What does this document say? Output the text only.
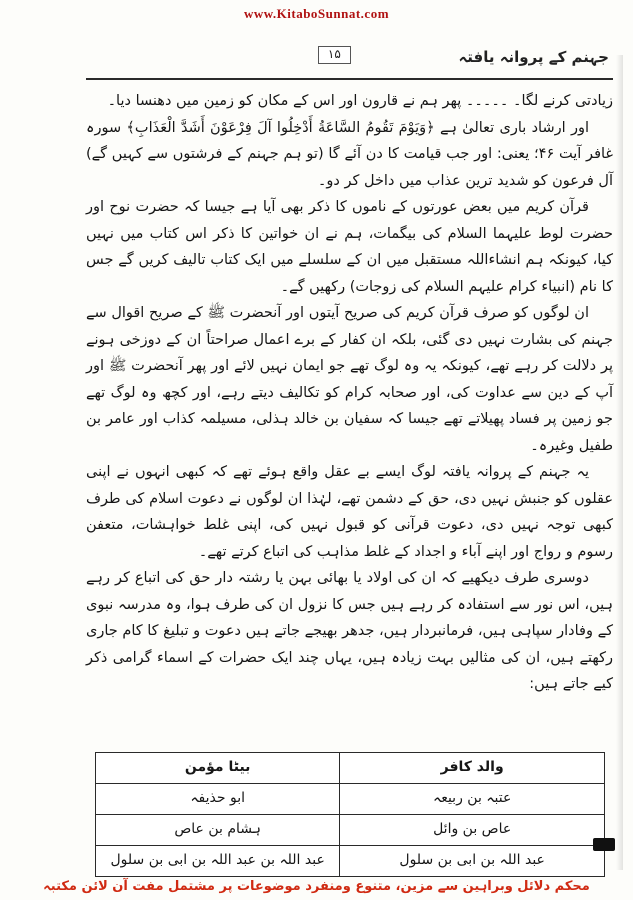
www.KitaboSunnat.com
۱۵	جہنم کے پروانہ یافتہ

زیادتی کرنے لگا۔ ۔۔۔۔۔ پھر ہم نے قارون اور اس کے مکان کو زمین میں دھنسا دیا۔

اور ارشاد باری تعالیٰ ہے ﴿وَيَوْمَ تَقُومُ السَّاعَةُ أَدْخِلُوا آلَ فِرْعَوْنَ أَشَدَّ الْعَذَابِ﴾ سورہ غافر آیت ۴۶؛ یعنی: اور جب قیامت کا دن آئے گا (تو ہم جہنم کے فرشتوں سے کہیں گے) آل فرعون کو شدید ترین عذاب میں داخل کر دو۔

قرآن کریم میں بعض عورتوں کے ناموں کا ذکر بھی آیا ہے جیسا کہ حضرت نوح اور حضرت لوط علیہما السلام کی بیگمات، ہم نے ان خواتین کا ذکر اس کتاب میں نہیں کیا، کیونکہ ہم انشاءاللہ مستقبل میں ان کے سلسلے میں ایک کتاب تالیف کریں گے جس کا نام (انبیاء کرام علیہم السلام کی زوجات) رکھیں گے۔

ان لوگوں کو صرف قرآن کریم کی صریح آیتوں اور آنحضرت ﷺ کے صریح اقوال سے جہنم کی بشارت نہیں دی گئی، بلکہ ان کفار کے برے اعمال صراحتاً ان کے دوزخی ہونے پر دلالت کر رہے تھے، کیونکہ یہ وہ لوگ تھے جو ایمان نہیں لائے اور پھر آنحضرت ﷺ اور آپ کے دین سے عداوت کی، اور صحابہ کرام کو تکالیف دیتے رہے، اور کچھ وہ لوگ تھے جو زمین پر فساد پھیلاتے تھے جیسا کہ سفیان بن خالد ہذلی، مسیلمہ کذاب اور عامر بن طفیل وغیرہ۔

یہ جہنم کے پروانہ یافتہ لوگ ایسے بے عقل واقع ہوئے تھے کہ کبھی انہوں نے اپنی عقلوں کو جنبش نہیں دی، حق کے دشمن تھے، لہٰذا ان لوگوں نے دعوت اسلام کی طرف کبھی توجہ نہیں دی، دعوت قرآنی کو قبول نہیں کی، اپنی غلط خواہشات، متعفن رسوم و رواج اور اپنے آباء و اجداد کے غلط مذاہب کی اتباع کرتے تھے۔

دوسری طرف دیکھیے کہ ان کی اولاد یا بھائی بہن یا رشتہ دار حق کی اتباع کر رہے ہیں، اس نور سے استفادہ کر رہے ہیں جس کا نزول ان کی طرف ہوا، وہ مدرسہ نبوی کے وفادار سپاہی ہیں، فرمانبردار ہیں، جدھر بھیجے جاتے ہیں دعوت و تبلیغ کا کام جاری رکھتے ہیں، ان کی مثالیں بہت زیادہ ہیں، یہاں چند ایک حضرات کے اسماء گرامی ذکر کیے جاتے ہیں:

والد کافر	بیٹا مؤمن
عتبہ بن ربیعہ	ابو حذیفہ
عاص بن وائل	ہشام بن عاص
عبد اللہ بن ابی بن سلول	عبد اللہ بن عبد اللہ بن ابی بن سلول
محکم دلائل وبراہین سے مزین، متنوع ومنفرد موضوعات پر مشتمل مفت آن لائن مکتبہ
